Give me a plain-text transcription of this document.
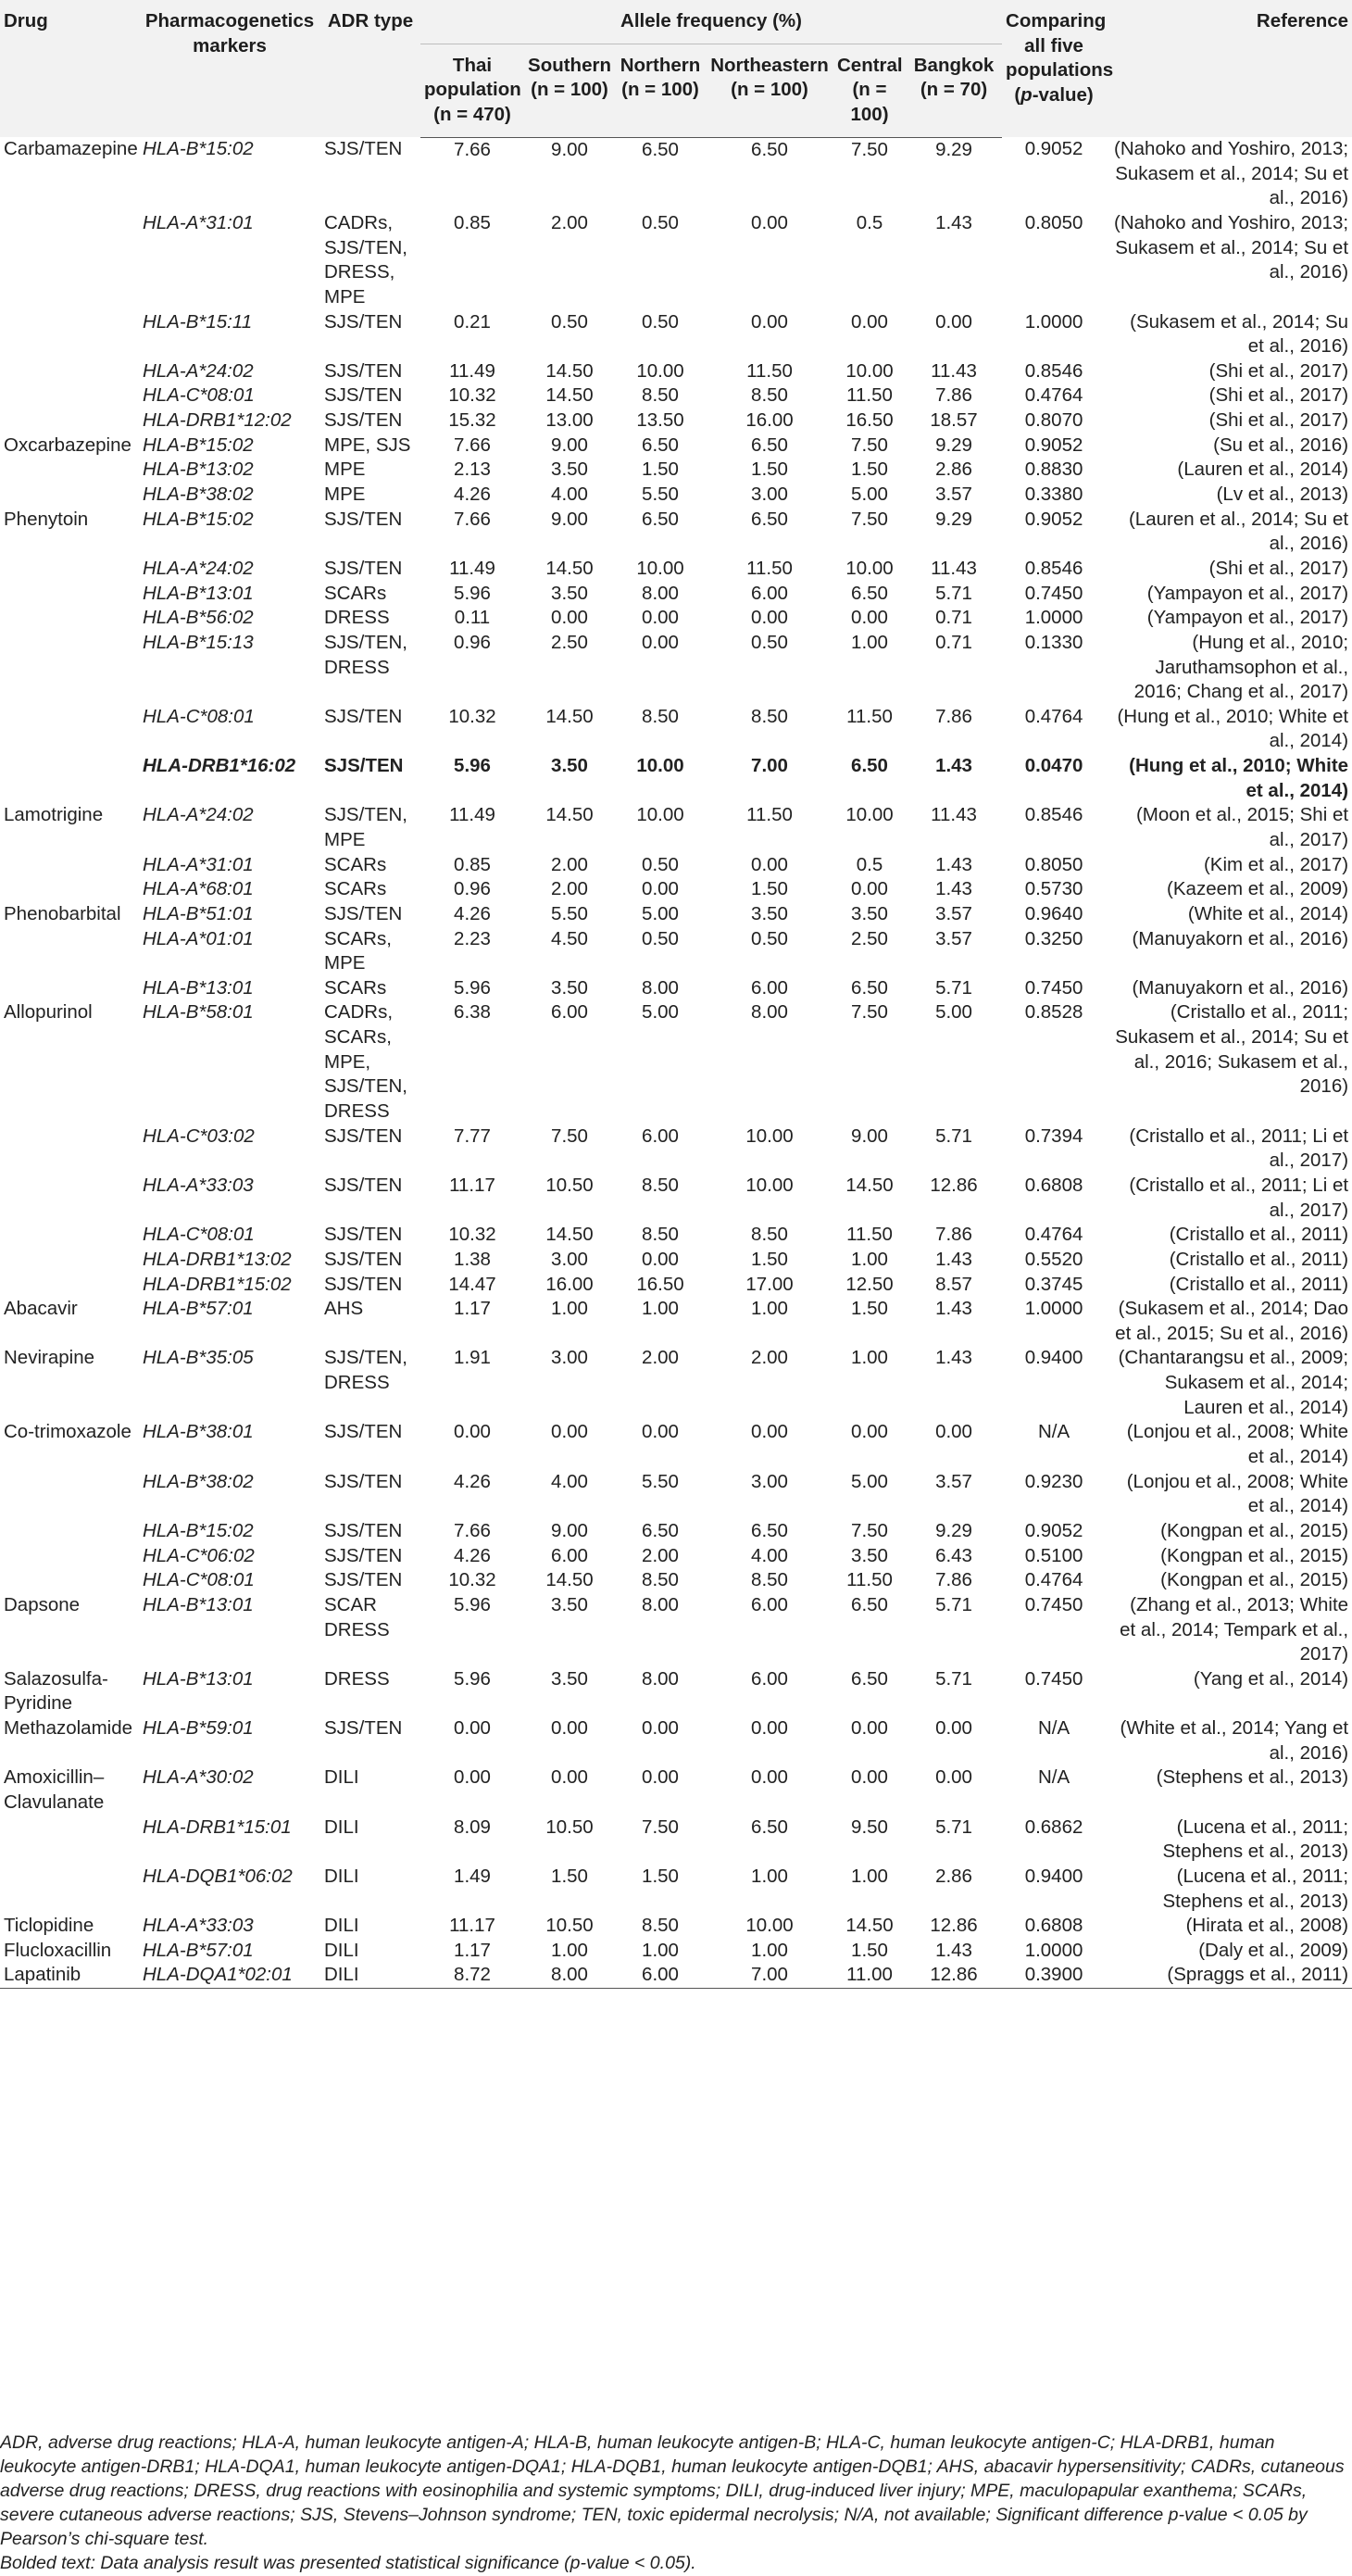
Drug	Pharmacogenetics markers	ADR type	Allele frequency (%)						Comparing all five populations (p-value)	Reference
			Thai population (n = 470)	Southern (n = 100)	Northern (n = 100)	Northeastern (n = 100)	Central (n = 100)	Bangkok (n = 70)		
Carbamazepine	HLA-B*15:02	SJS/TEN	7.66	9.00	6.50	6.50	7.50	9.29	0.9052	(Nahoko and Yoshiro, 2013; Sukasem et al., 2014; Su et al., 2016)
	HLA-A*31:01	CADRs, SJS/TEN, DRESS, MPE	0.85	2.00	0.50	0.00	0.5	1.43	0.8050	(Nahoko and Yoshiro, 2013; Sukasem et al., 2014; Su et al., 2016)
	HLA-B*15:11	SJS/TEN	0.21	0.50	0.50	0.00	0.00	0.00	1.0000	(Sukasem et al., 2014; Su et al., 2016)
	HLA-A*24:02	SJS/TEN	11.49	14.50	10.00	11.50	10.00	11.43	0.8546	(Shi et al., 2017)
	HLA-C*08:01	SJS/TEN	10.32	14.50	8.50	8.50	11.50	7.86	0.4764	(Shi et al., 2017)
	HLA-DRB1*12:02	SJS/TEN	15.32	13.00	13.50	16.00	16.50	18.57	0.8070	(Shi et al., 2017)
Oxcarbazepine	HLA-B*15:02	MPE, SJS	7.66	9.00	6.50	6.50	7.50	9.29	0.9052	(Su et al., 2016)
	HLA-B*13:02	MPE	2.13	3.50	1.50	1.50	1.50	2.86	0.8830	(Lauren et al., 2014)
	HLA-B*38:02	MPE	4.26	4.00	5.50	3.00	5.00	3.57	0.3380	(Lv et al., 2013)
Phenytoin	HLA-B*15:02	SJS/TEN	7.66	9.00	6.50	6.50	7.50	9.29	0.9052	(Lauren et al., 2014; Su et al., 2016)
	HLA-A*24:02	SJS/TEN	11.49	14.50	10.00	11.50	10.00	11.43	0.8546	(Shi et al., 2017)
	HLA-B*13:01	SCARs	5.96	3.50	8.00	6.00	6.50	5.71	0.7450	(Yampayon et al., 2017)
	HLA-B*56:02	DRESS	0.11	0.00	0.00	0.00	0.00	0.71	1.0000	(Yampayon et al., 2017)
	HLA-B*15:13	SJS/TEN, DRESS	0.96	2.50	0.00	0.50	1.00	0.71	0.1330	(Hung et al., 2010; Jaruthamsophon et al., 2016; Chang et al., 2017)
	HLA-C*08:01	SJS/TEN	10.32	14.50	8.50	8.50	11.50	7.86	0.4764	(Hung et al., 2010; White et al., 2014)
	HLA-DRB1*16:02	SJS/TEN	5.96	3.50	10.00	7.00	6.50	1.43	0.0470	(Hung et al., 2010; White et al., 2014)
Lamotrigine	HLA-A*24:02	SJS/TEN, MPE	11.49	14.50	10.00	11.50	10.00	11.43	0.8546	(Moon et al., 2015; Shi et al., 2017)
	HLA-A*31:01	SCARs	0.85	2.00	0.50	0.00	0.5	1.43	0.8050	(Kim et al., 2017)
	HLA-A*68:01	SCARs	0.96	2.00	0.00	1.50	0.00	1.43	0.5730	(Kazeem et al., 2009)
Phenobarbital	HLA-B*51:01	SJS/TEN	4.26	5.50	5.00	3.50	3.50	3.57	0.9640	(White et al., 2014)
	HLA-A*01:01	SCARs, MPE	2.23	4.50	0.50	0.50	2.50	3.57	0.3250	(Manuyakorn et al., 2016)
	HLA-B*13:01	SCARs	5.96	3.50	8.00	6.00	6.50	5.71	0.7450	(Manuyakorn et al., 2016)
Allopurinol	HLA-B*58:01	CADRs, SCARs, MPE, SJS/TEN, DRESS	6.38	6.00	5.00	8.00	7.50	5.00	0.8528	(Cristallo et al., 2011; Sukasem et al., 2014; Su et al., 2016; Sukasem et al., 2016)
	HLA-C*03:02	SJS/TEN	7.77	7.50	6.00	10.00	9.00	5.71	0.7394	(Cristallo et al., 2011; Li et al., 2017)
	HLA-A*33:03	SJS/TEN	11.17	10.50	8.50	10.00	14.50	12.86	0.6808	(Cristallo et al., 2011; Li et al., 2017)
	HLA-C*08:01	SJS/TEN	10.32	14.50	8.50	8.50	11.50	7.86	0.4764	(Cristallo et al., 2011)
	HLA-DRB1*13:02	SJS/TEN	1.38	3.00	0.00	1.50	1.00	1.43	0.5520	(Cristallo et al., 2011)
	HLA-DRB1*15:02	SJS/TEN	14.47	16.00	16.50	17.00	12.50	8.57	0.3745	(Cristallo et al., 2011)
Abacavir	HLA-B*57:01	AHS	1.17	1.00	1.00	1.00	1.50	1.43	1.0000	(Sukasem et al., 2014; Dao et al., 2015; Su et al., 2016)
Nevirapine	HLA-B*35:05	SJS/TEN, DRESS	1.91	3.00	2.00	2.00	1.00	1.43	0.9400	(Chantarangsu et al., 2009; Sukasem et al., 2014; Lauren et al., 2014)
Co-trimoxazole	HLA-B*38:01	SJS/TEN	0.00	0.00	0.00	0.00	0.00	0.00	N/A	(Lonjou et al., 2008; White et al., 2014)
	HLA-B*38:02	SJS/TEN	4.26	4.00	5.50	3.00	5.00	3.57	0.9230	(Lonjou et al., 2008; White et al., 2014)
	HLA-B*15:02	SJS/TEN	7.66	9.00	6.50	6.50	7.50	9.29	0.9052	(Kongpan et al., 2015)
	HLA-C*06:02	SJS/TEN	4.26	6.00	2.00	4.00	3.50	6.43	0.5100	(Kongpan et al., 2015)
	HLA-C*08:01	SJS/TEN	10.32	14.50	8.50	8.50	11.50	7.86	0.4764	(Kongpan et al., 2015)
Dapsone	HLA-B*13:01	SCAR DRESS	5.96	3.50	8.00	6.00	6.50	5.71	0.7450	(Zhang et al., 2013; White et al., 2014; Tempark et al., 2017)
Salazosulfa-Pyridine	HLA-B*13:01	DRESS	5.96	3.50	8.00	6.00	6.50	5.71	0.7450	(Yang et al., 2014)
Methazolamide	HLA-B*59:01	SJS/TEN	0.00	0.00	0.00	0.00	0.00	0.00	N/A	(White et al., 2014; Yang et al., 2016)
Amoxicillin–Clavulanate	HLA-A*30:02	DILI	0.00	0.00	0.00	0.00	0.00	0.00	N/A	(Stephens et al., 2013)
	HLA-DRB1*15:01	DILI	8.09	10.50	7.50	6.50	9.50	5.71	0.6862	(Lucena et al., 2011; Stephens et al., 2013)
	HLA-DQB1*06:02	DILI	1.49	1.50	1.50	1.00	1.00	2.86	0.9400	(Lucena et al., 2011; Stephens et al., 2013)
Ticlopidine	HLA-A*33:03	DILI	11.17	10.50	8.50	10.00	14.50	12.86	0.6808	(Hirata et al., 2008)
Flucloxacillin	HLA-B*57:01	DILI	1.17	1.00	1.00	1.00	1.50	1.43	1.0000	(Daly et al., 2009)
Lapatinib	HLA-DQA1*02:01	DILI	8.72	8.00	6.00	7.00	11.00	12.86	0.3900	(Spraggs et al., 2011)

ADR, adverse drug reactions; HLA-A, human leukocyte antigen-A; HLA-B, human leukocyte antigen-B; HLA-C, human leukocyte antigen-C; HLA-DRB1, human leukocyte antigen-DRB1; HLA-DQA1, human leukocyte antigen-DQA1; HLA-DQB1, human leukocyte antigen-DQB1; AHS, abacavir hypersensitivity; CADRs, cutaneous adverse drug reactions; DRESS, drug reactions with eosinophilia and systemic symptoms; DILI, drug-induced liver injury; MPE, maculopapular exanthema; SCARs, severe cutaneous adverse reactions; SJS, Stevens–Johnson syndrome; TEN, toxic epidermal necrolysis; N/A, not available; Significant difference p-value < 0.05 by Pearson’s chi-square test.

Bolded text: Data analysis result was presented statistical significance (p-value < 0.05).
